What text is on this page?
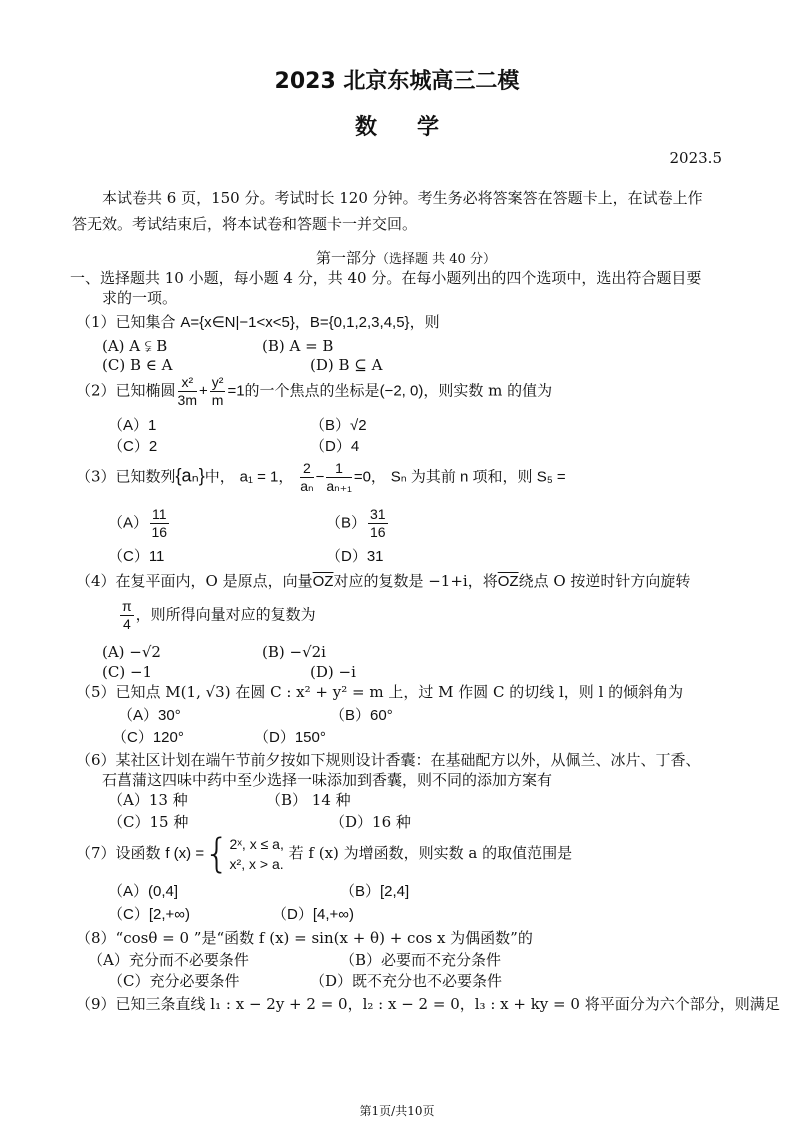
2023 北京东城高三二模
数学
2023.5
本试卷共 6 页，150 分。考试时长 120 分钟。考生务必将答案答在答题卡上，在试卷上作
答无效。考试结束后，将本试卷和答题卡一并交回。
第一部分（选择题 共 40 分）
一、选择题共 10 小题，每小题 4 分，共 40 分。在每小题列出的四个选项中，选出符合题目要
求的一项。
（1）已知集合 A={x∈N|−1<x<5}，B={0,1,2,3,4,5}，则
(A) A ⫋ B	(B) A = B
(C) B ∈ A	(D) B ⊆ A
（2）已知椭圆 $\frac{\text{x²}}{3m} + \frac{\text{y²}}{m} =1$的一个焦点的坐标是(−2, 0)，则实数 m 的值为
（A）1	（B）√2
（C）2	（D）4
（3）已知数列{aₙ}中， a₁ = 1， $\frac{2}{\text{aₙ}} - \frac{1}{\text{aₙ₊₁}} =0$， Sₙ 为其前 n 项和，则 S₅ =
$(A) \frac{11}{16}$	$(B) \frac{31}{16}$
（C）11	（D）31
（4）在复平面内，O 是原点，向量$\overline{OZ}$对应的复数是 −1+i，将$\overline{OZ}$绕点 O 按逆时针方向旋转
$\frac{\pi}{4}$ ，则所得向量对应的复数为
(A) −√2	(B) −√2i
(C) −1	(D) −i
（5）已知点 M(1, √3) 在圆 C : x² + y² = m 上，过 M 作圆 C 的切线 l，则 l 的倾斜角为
（A）30°	（B）60°
（C）120°	（D）150°
（6）某社区计划在端午节前夕按如下规则设计香囊：在基础配方以外，从佩兰、冰片、丁香、
石菖蒲这四味中药中至少选择一味添加到香囊，则不同的添加方案有
（A）13 种	（B） 14 种
（C）15 种	（D）16 种
（7）设函数 f (x) ={ 2ˣ, x ≤ a,
x², x > a.
若 f (x) 为增函数，则实数 a 的取值范围是
（A）(0,4]	（B）[2,4]
（C）[2,+∞)	（D）[4,+∞)
（8）“cosθ = 0 ”是“函数 f (x) = sin(x + θ) + cos x 为偶函数”的
（A）充分而不必要条件	（B）必要而不充分条件
（C）充分必要条件	（D）既不充分也不必要条件
（9）已知三条直线 l₁ : x − 2y + 2 = 0，l₂ : x − 2 = 0，l₃ : x + ky = 0 将平面分为六个部分，则满足
第1页/共10页
